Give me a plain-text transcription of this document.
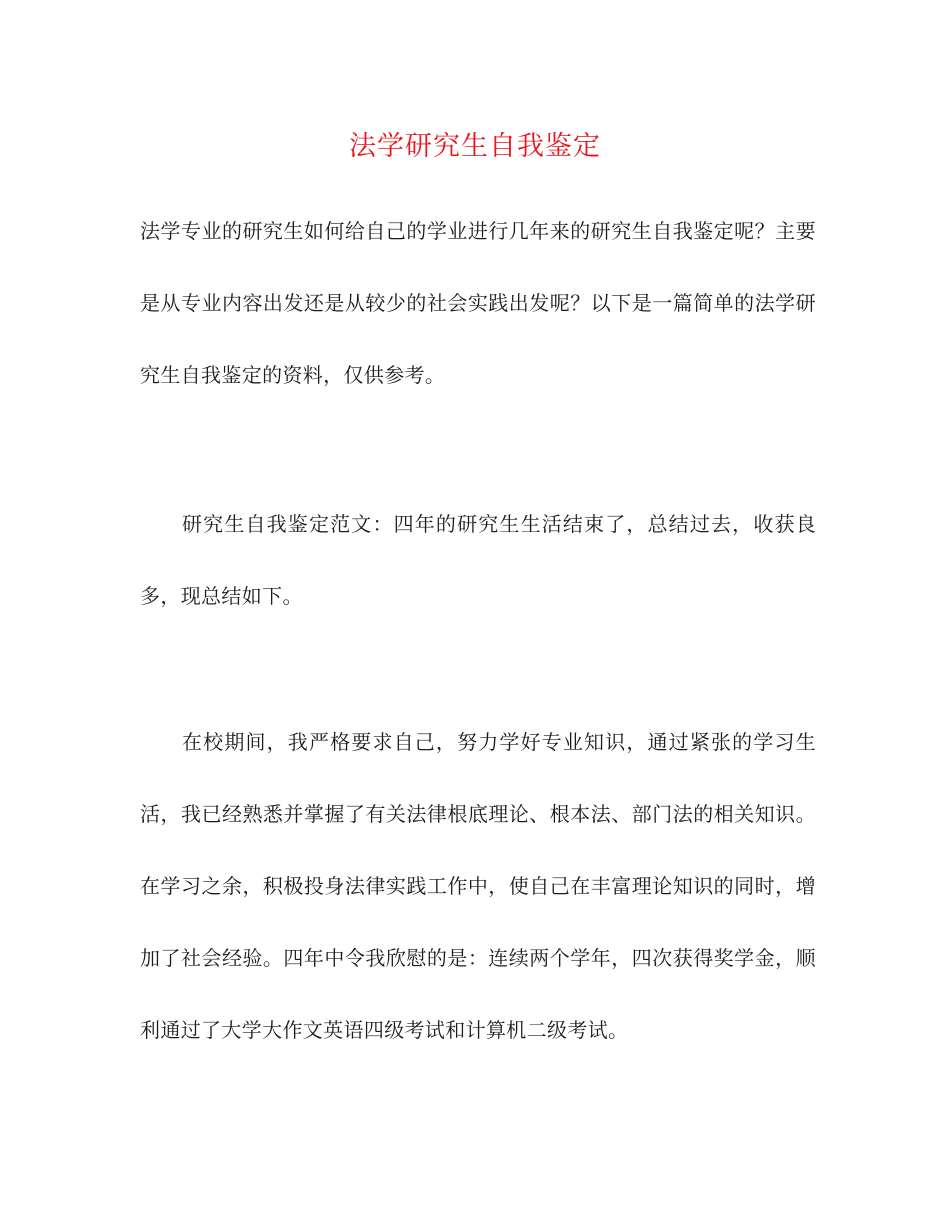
法学研究生自我鉴定

法学专业的研究生如何给自己的学业进行几年来的研究生自我鉴定呢？主要是从专业内容出发还是从较少的社会实践出发呢？以下是一篇简单的法学研究生自我鉴定的资料，仅供参考。

研究生自我鉴定范文：四年的研究生生活结束了，总结过去，收获良多，现总结如下。

在校期间，我严格要求自己，努力学好专业知识，通过紧张的学习生活，我已经熟悉并掌握了有关法律根底理论、根本法、部门法的相关知识。在学习之余，积极投身法律实践工作中，使自己在丰富理论知识的同时，增加了社会经验。四年中令我欣慰的是：连续两个学年，四次获得奖学金，顺利通过了大学大作文英语四级考试和计算机二级考试。
